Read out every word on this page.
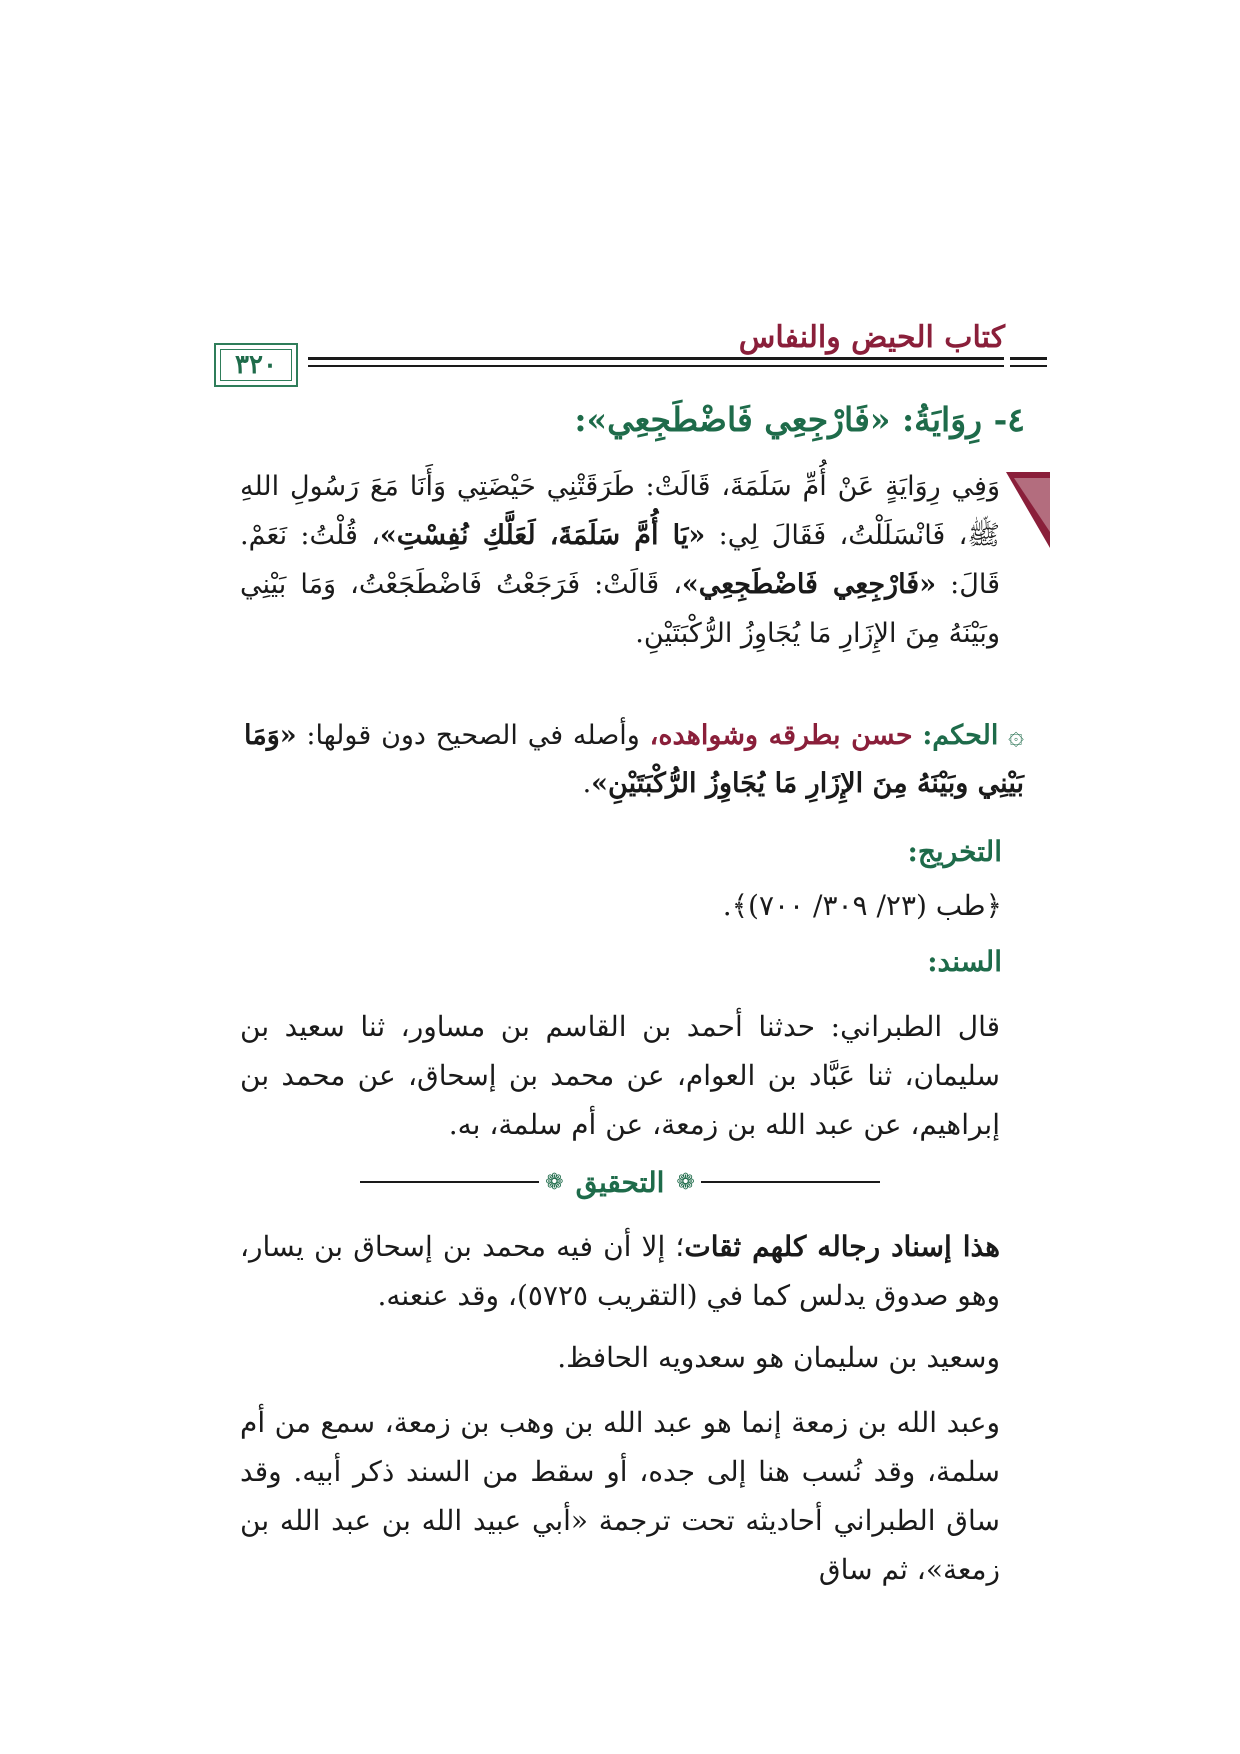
كتاب الحيض والنفاس
٣٢٠
٤- رِوَايَةُ: «فَارْجِعِي فَاضْطَجِعِي»:
وَفِي رِوَايَةٍ عَنْ أُمِّ سَلَمَةَ، قَالَتْ: طَرَقَتْنِي حَيْضَتِي وَأَنَا مَعَ رَسُولِ اللهِ ﷺ، فَانْسَلَلْتُ، فَقَالَ لِي: «يَا أُمَّ سَلَمَةَ، لَعَلَّكِ نُفِسْتِ»، قُلْتُ: نَعَمْ. قَالَ: «فَارْجِعِي فَاضْطَجِعِي»، قَالَتْ: فَرَجَعْتُ فَاضْطَجَعْتُ، وَمَا بَيْنِي وبَيْنَهُ مِنَ الإِزَارِ مَا يُجَاوِزُ الرُّكْبَتَيْنِ.
۞ الحكم: حسن بطرقه وشواهده، وأصله في الصحيح دون قولها: «وَمَا بَيْنِي وبَيْنَهُ مِنَ الإِزَارِ مَا يُجَاوِزُ الرُّكْبَتَيْنِ».
التخريج:
﴿طب (٢٣/ ٣٠٩/ ٧٠٠)﴾.
السند:
قال الطبراني: حدثنا أحمد بن القاسم بن مساور، ثنا سعيد بن سليمان، ثنا عَبَّاد بن العوام، عن محمد بن إسحاق، عن محمد بن إبراهيم، عن عبد الله بن زمعة، عن أم سلمة، به.
❁
التحقيق
❁
هذا إسناد رجاله كلهم ثقات؛ إلا أن فيه محمد بن إسحاق بن يسار، وهو صدوق يدلس كما في (التقريب ٥٧٢٥)، وقد عنعنه.
وسعيد بن سليمان هو سعدويه الحافظ.
وعبد الله بن زمعة إنما هو عبد الله بن وهب بن زمعة، سمع من أم سلمة، وقد نُسب هنا إلى جده، أو سقط من السند ذكر أبيه. وقد ساق الطبراني أحاديثه تحت ترجمة «أبي عبيد الله بن عبد الله بن زمعة»، ثم ساق
